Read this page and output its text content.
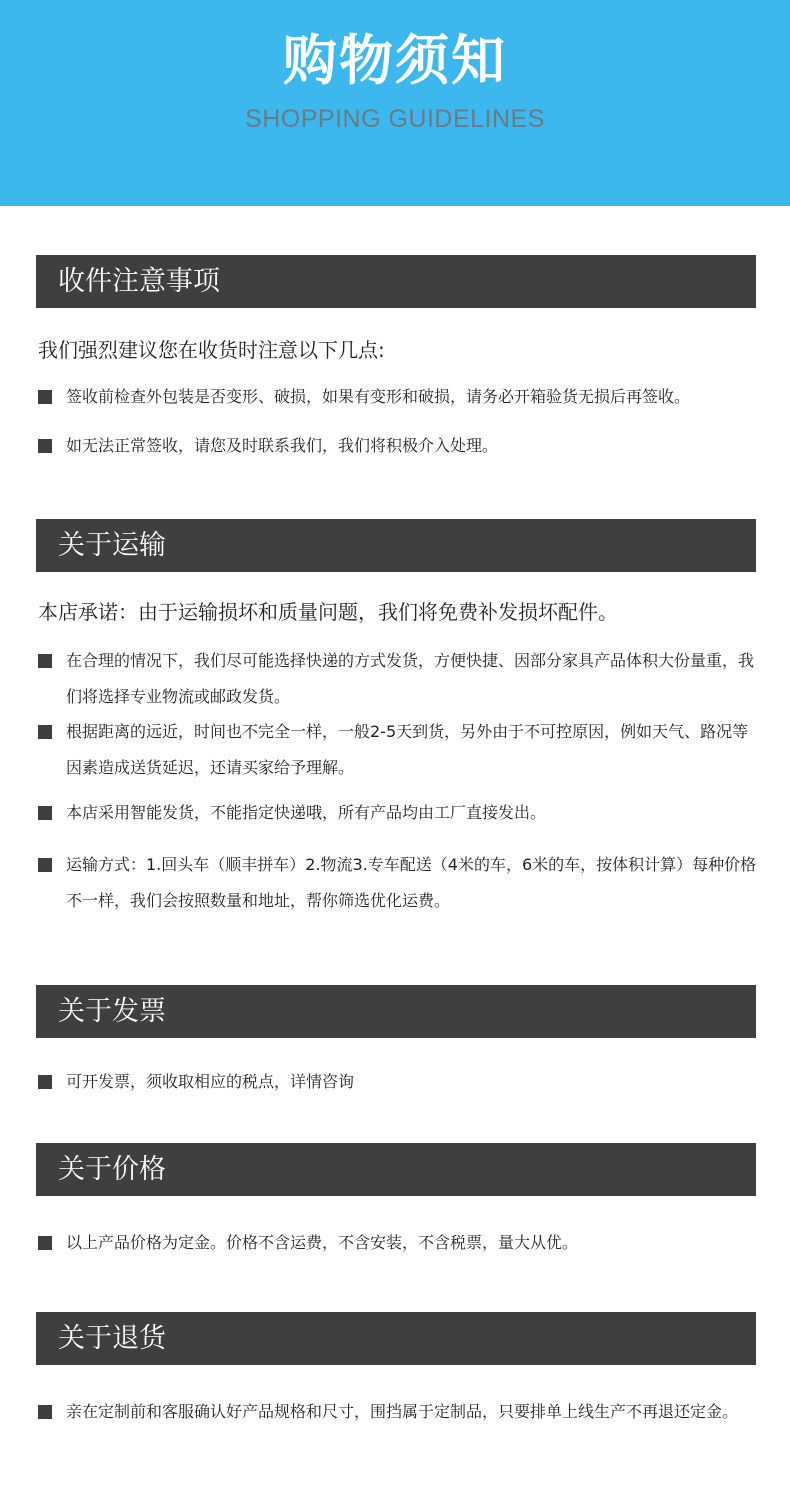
购物须知
SHOPPING GUIDELINES
收件注意事项
我们强烈建议您在收货时注意以下几点:
签收前检查外包装是否变形、破损，如果有变形和破损，请务必开箱验货无损后再签收。
如无法正常签收，请您及时联系我们，我们将积极介入处理。
关于运输
本店承诺：由于运输损坏和质量问题，我们将免费补发损坏配件。
在合理的情况下，我们尽可能选择快递的方式发货，方便快捷、因部分家具产品体积大份量重，我们将选择专业物流或邮政发货。
根据距离的远近，时间也不完全一样，一般2-5天到货，另外由于不可控原因，例如天气、路况等因素造成送货延迟，还请买家给予理解。
本店采用智能发货，不能指定快递哦，所有产品均由工厂直接发出。
运输方式：1.回头车（顺丰拼车）2.物流3.专车配送（4米的车，6米的车，按体积计算）每种价格不一样，我们会按照数量和地址，帮你筛选优化运费。
关于发票
可开发票，须收取相应的税点，详情咨询
关于价格
以上产品价格为定金。价格不含运费，不含安装，不含税票，量大从优。
关于退货
亲在定制前和客服确认好产品规格和尺寸，围挡属于定制品，只要排单上线生产不再退还定金。
